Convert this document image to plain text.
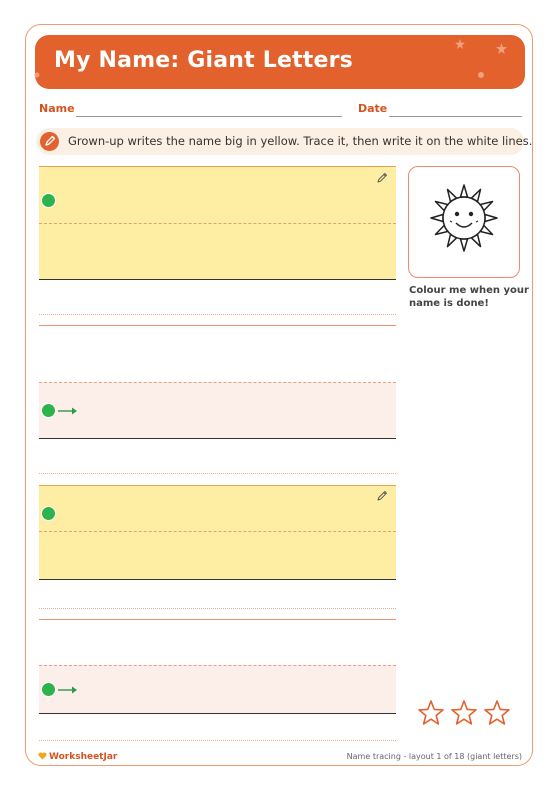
My Name: Giant Letters
Name	Date
Grown-up writes the name big in yellow. Trace it, then write it on the white lines.
Colour me when your name is done!
WorksheetJar	Name tracing - layout 1 of 18 (giant letters)
